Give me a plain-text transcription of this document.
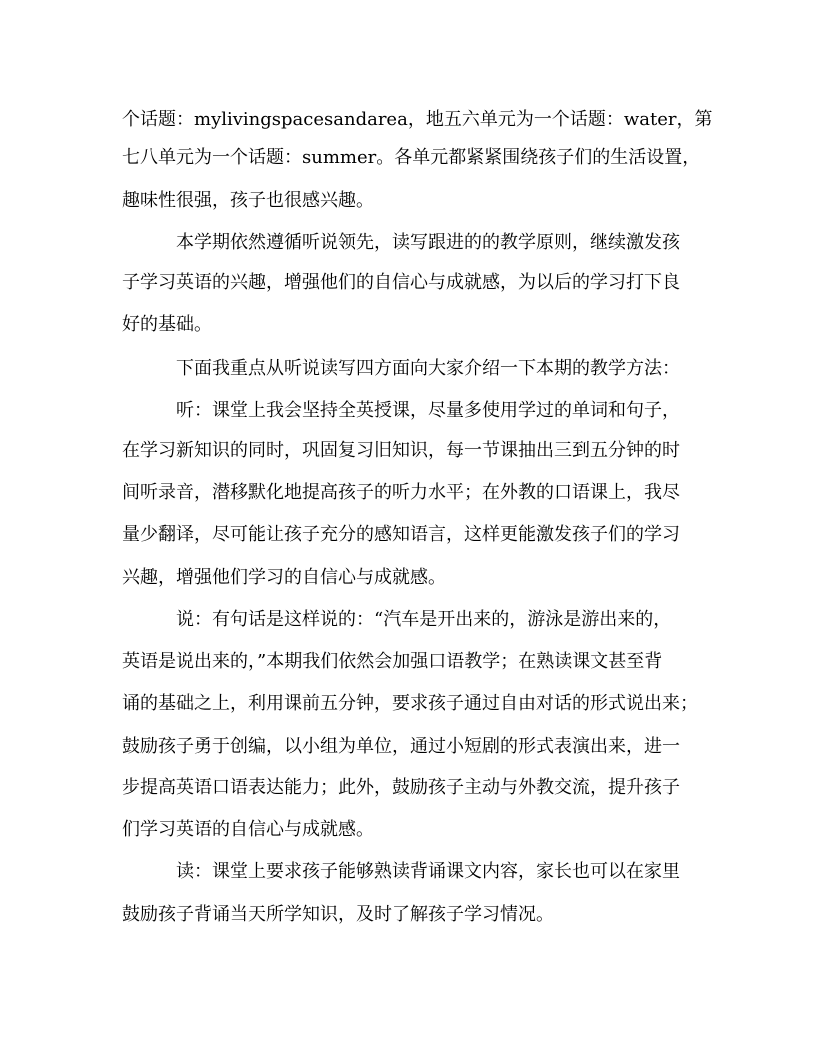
个话题：mylivingspacesandarea，地五六单元为一个话题：water，第
七八单元为一个话题：summer。各单元都紧紧围绕孩子们的生活设置，
趣味性很强，孩子也很感兴趣。
本学期依然遵循听说领先，读写跟进的的教学原则，继续激发孩
子学习英语的兴趣，增强他们的自信心与成就感，为以后的学习打下良
好的基础。
下面我重点从听说读写四方面向大家介绍一下本期的教学方法：
听：课堂上我会坚持全英授课，尽量多使用学过的单词和句子，
在学习新知识的同时，巩固复习旧知识，每一节课抽出三到五分钟的时
间听录音，潜移默化地提高孩子的听力水平；在外教的口语课上，我尽
量少翻译，尽可能让孩子充分的感知语言，这样更能激发孩子们的学习
兴趣，增强他们学习的自信心与成就感。
说：有句话是这样说的：“汽车是开出来的，游泳是游出来的，
英语是说出来的，”本期我们依然会加强口语教学；在熟读课文甚至背
诵的基础之上，利用课前五分钟，要求孩子通过自由对话的形式说出来；
鼓励孩子勇于创编，以小组为单位，通过小短剧的形式表演出来，进一
步提高英语口语表达能力；此外，鼓励孩子主动与外教交流，提升孩子
们学习英语的自信心与成就感。
读：课堂上要求孩子能够熟读背诵课文内容，家长也可以在家里
鼓励孩子背诵当天所学知识，及时了解孩子学习情况。
